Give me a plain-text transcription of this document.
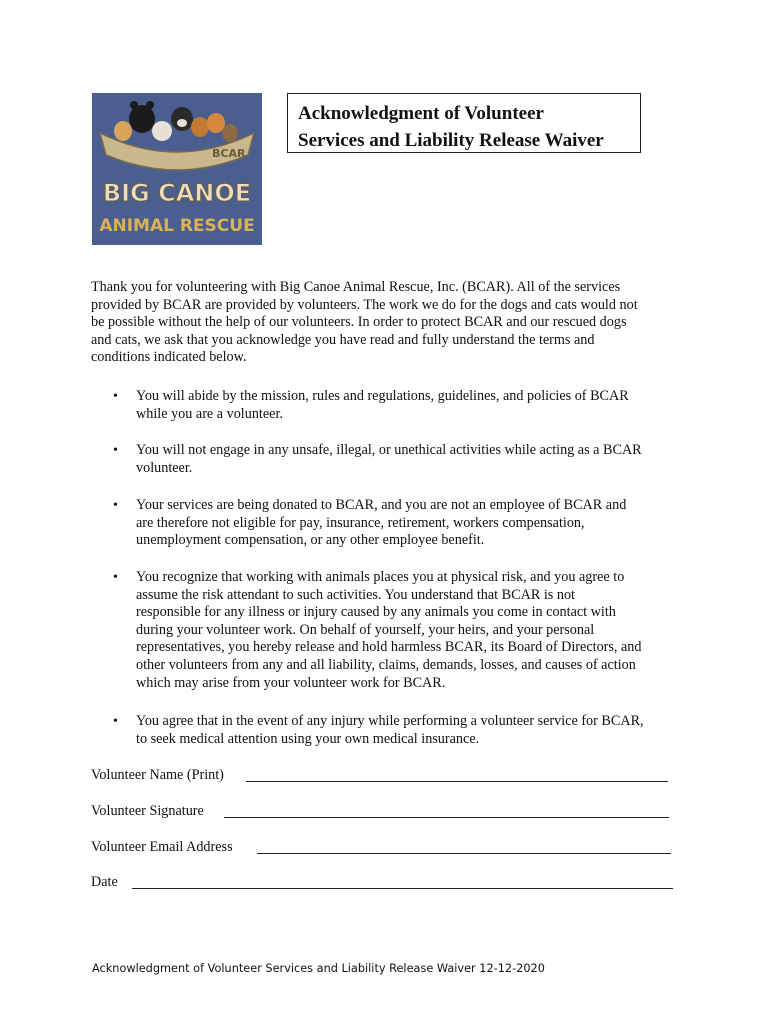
BCAR
BIG CANOE
ANIMAL RESCUE
Acknowledgment of Volunteer
Services and Liability Release Waiver
Thank you for volunteering with Big Canoe Animal Rescue, Inc. (BCAR). All of the services
provided by BCAR are provided by volunteers. The work we do for the dogs and cats would not
be possible without the help of our volunteers. In order to protect BCAR and our rescued dogs
and cats, we ask that you acknowledge you have read and fully understand the terms and
conditions indicated below.
• You will abide by the mission, rules and regulations, guidelines, and policies of BCAR
while you are a volunteer.
• You will not engage in any unsafe, illegal, or unethical activities while acting as a BCAR
volunteer.
• Your services are being donated to BCAR, and you are not an employee of BCAR and
are therefore not eligible for pay, insurance, retirement, workers compensation,
unemployment compensation, or any other employee benefit.
• You recognize that working with animals places you at physical risk, and you agree to
assume the risk attendant to such activities. You understand that BCAR is not
responsible for any illness or injury caused by any animals you come in contact with
during your volunteer work. On behalf of yourself, your heirs, and your personal
representatives, you hereby release and hold harmless BCAR, its Board of Directors, and
other volunteers from any and all liability, claims, demands, losses, and causes of action
which may arise from your volunteer work for BCAR.
• You agree that in the event of any injury while performing a volunteer service for BCAR,
to seek medical attention using your own medical insurance.
Volunteer Name (Print)
Volunteer Signature
Volunteer Email Address
Date
Acknowledgment of Volunteer Services and Liability Release Waiver 12-12-2020
